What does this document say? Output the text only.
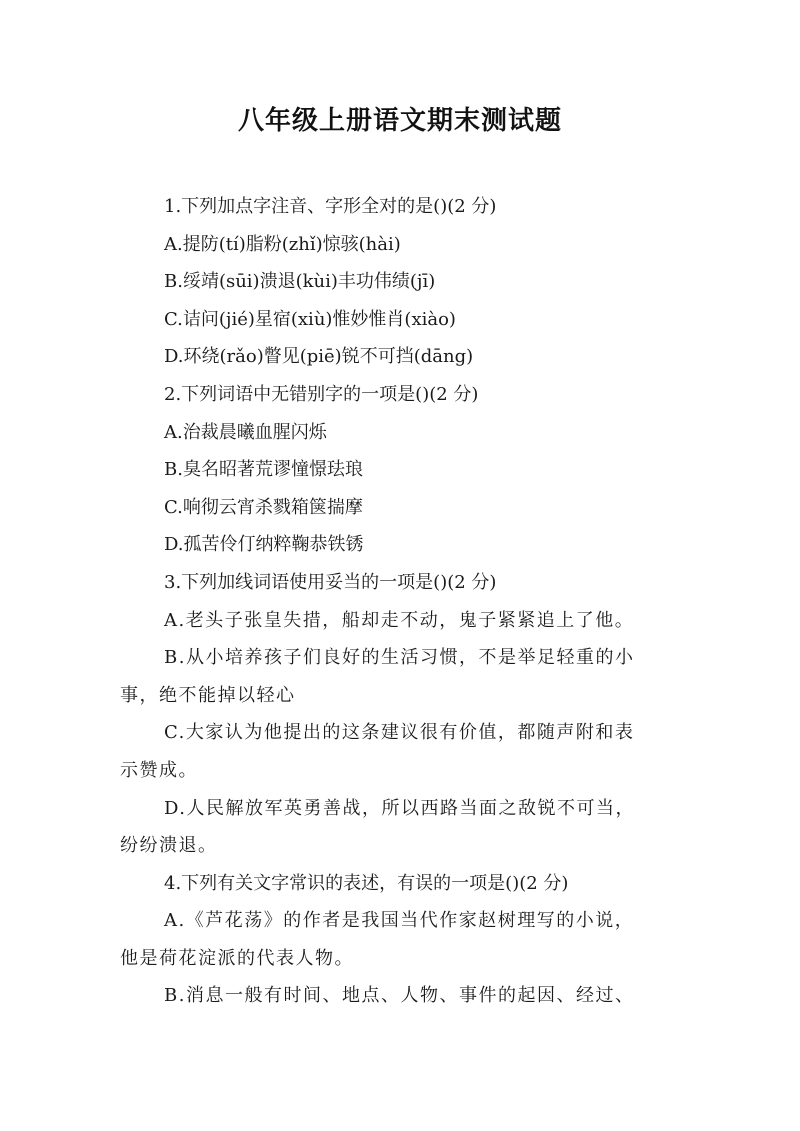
八年级上册语文期末测试题
1.下列加点字注音、字形全对的是()(2 分)
A.提防(tí)脂粉(zhǐ)惊骇(hài)
B.绥靖(sūi)溃退(kùi)丰功伟绩(jī)
C.诘问(jié)星宿(xiù)惟妙惟肖(xiào)
D.环绕(rǎo)瞥见(piē)锐不可挡(dāng)
2.下列词语中无错别字的一项是()(2 分)
A.治裁晨曦血腥闪烁
B.臭名昭著荒谬憧憬珐琅
C.响彻云宵杀戮箱箧揣摩
D.孤苦伶仃纳粹鞠恭铁锈
3.下列加线词语使用妥当的一项是()(2 分)
A.老头子张皇失措，船却走不动，鬼子紧紧追上了他。
B.从小培养孩子们良好的生活习惯，不是举足轻重的小
事，绝不能掉以轻心
C.大家认为他提出的这条建议很有价值，都随声附和表
示赞成。
D.人民解放军英勇善战，所以西路当面之敌锐不可当，
纷纷溃退。
4.下列有关文字常识的表述，有误的一项是()(2 分)
A.《芦花荡》的作者是我国当代作家赵树理写的小说，
他是荷花淀派的代表人物。
B.消息一般有时间、地点、人物、事件的起因、经过、
